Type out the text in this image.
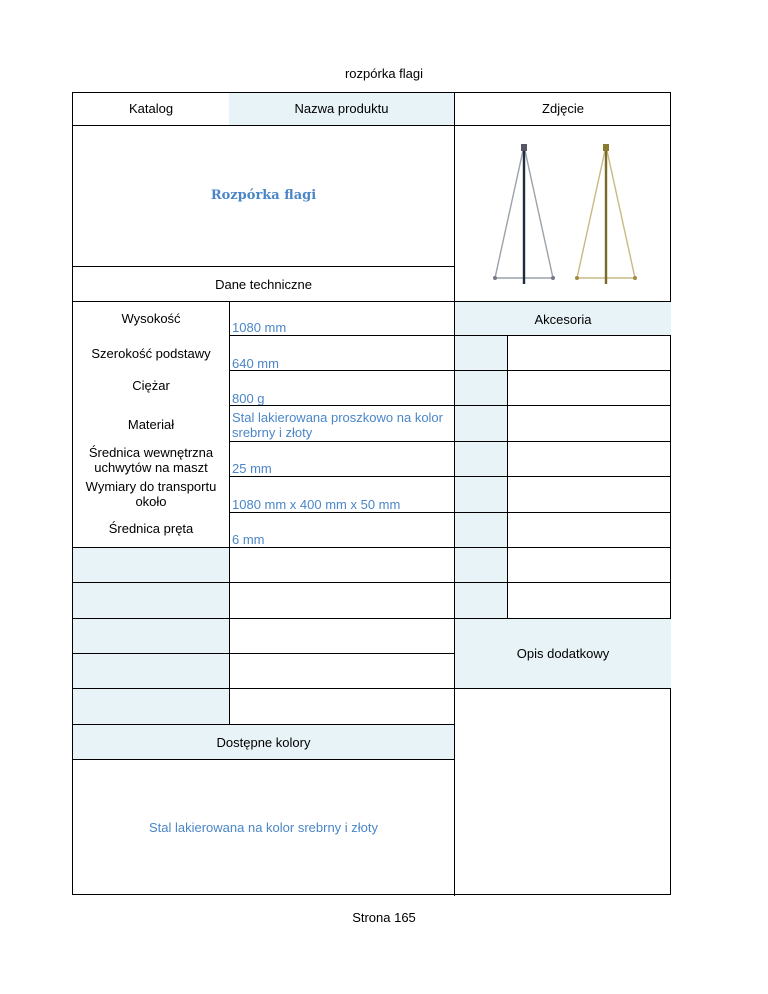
rozpórka flagi
Katalog	Nazwa produktu	Zdjęcie
Rozpórka flagi
Dane techniczne
Akcesoria
Wysokość
1080 mm
640 mm
Szerokość podstawy
800 g
Ciężar
Stal lakierowana proszkowo na kolor srebrny i złoty
Materiał
25 mm
Średnica wewnętrzna uchwytów na maszt
1080 mm x 400 mm x 50 mm
Wymiary do transportu około
6 mm
Średnica pręta
Dostępne kolory
Stal lakierowana na kolor srebrny i złoty
Opis dodatkowy
Strona 165
